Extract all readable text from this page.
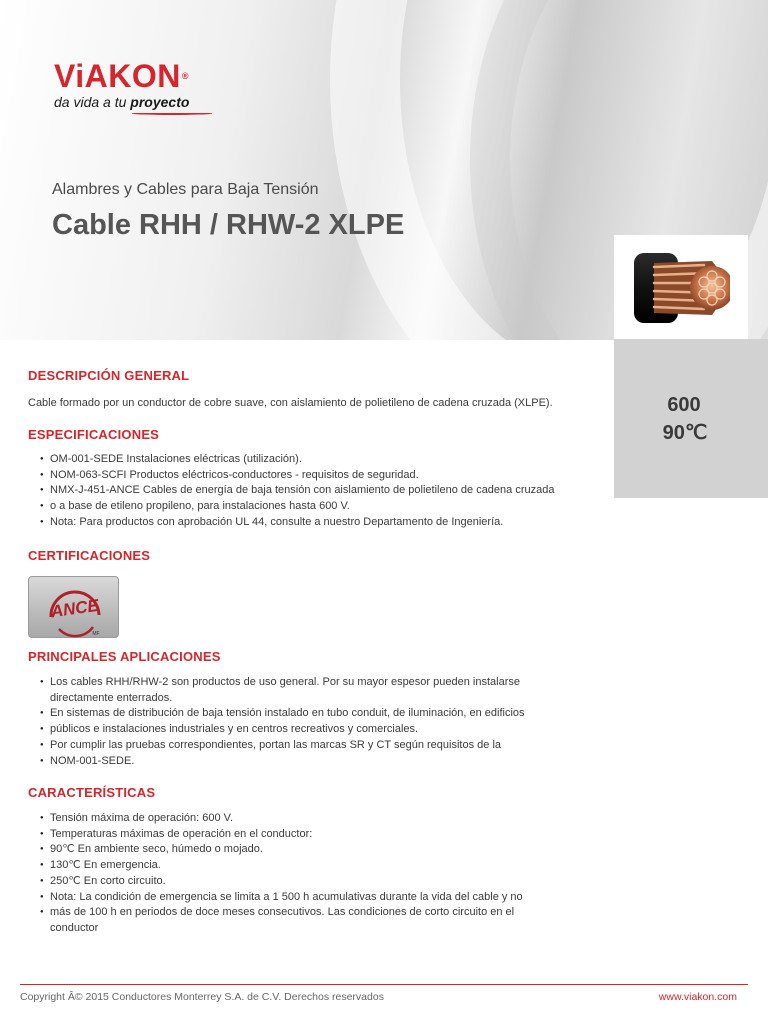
ViAKON®
da vida a tu proyecto
Alambres y Cables para Baja Tensión
Cable RHH / RHW-2 XLPE
600
90℃
DESCRIPCIÓN GENERAL
Cable formado por un conductor de cobre suave, con aislamiento de polietileno de cadena cruzada (XLPE).
ESPECIFICACIONES
● OM-001-SEDE Instalaciones eléctricas (utilización).
● NOM-063-SCFI Productos eléctricos-conductores - requisitos de seguridad.
● NMX-J-451-ANCE Cables de energía de baja tensión con aislamiento de polietileno de cadena cruzada
● o a base de etileno propileno, para instalaciones hasta 600 V.
● Nota: Para productos con aprobación UL 44, consulte a nuestro Departamento de Ingeniería.
CERTIFICACIONES
ANCE
MF
PRINCIPALES APLICACIONES
● Los cables RHH/RHW-2 son productos de uso general. Por su mayor espesor pueden instalarse
directamente enterrados.
● En sistemas de distribución de baja tensión instalado en tubo conduit, de iluminación, en edificios
● públicos e instalaciones industriales y en centros recreativos y comerciales.
● Por cumplir las pruebas correspondientes, portan las marcas SR y CT según requisitos de la
● NOM-001-SEDE.
CARACTERÍSTICAS
● Tensión máxima de operación: 600 V.
● Temperaturas máximas de operación en el conductor:
● 90℃ En ambiente seco, húmedo o mojado.
● 130℃ En emergencia.
● 250℃ En corto circuito.
● Nota: La condición de emergencia se limita a 1 500 h acumulativas durante la vida del cable y no
● más de 100 h en periodos de doce meses consecutivos. Las condiciones de corto circuito en el
conductor
Copyright Â© 2015 Conductores Monterrey S.A. de C.V. Derechos reservados	www.viakon.com
